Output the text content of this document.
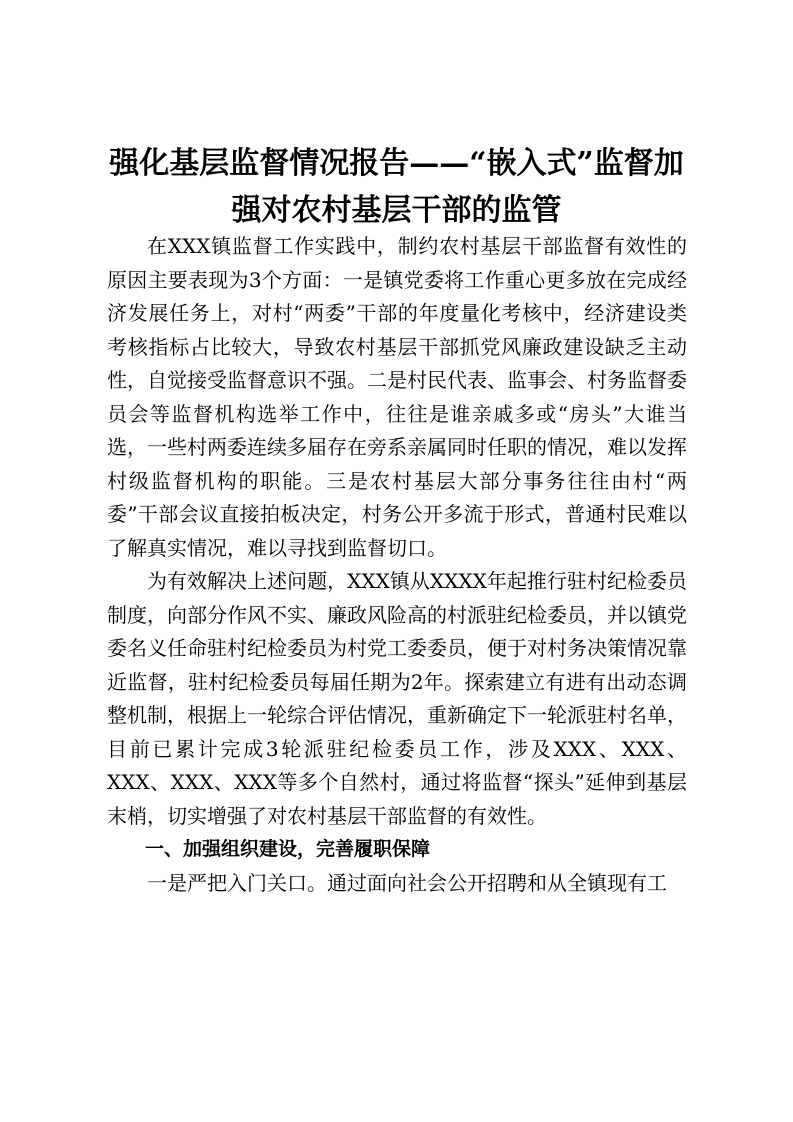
强化基层监督情况报告——“嵌入式”监督加强对农村基层干部的监管

在XXX镇监督工作实践中，制约农村基层干部监督有效性的原因主要表现为3个方面：一是镇党委将工作重心更多放在完成经济发展任务上，对村“两委”干部的年度量化考核中，经济建设类考核指标占比较大，导致农村基层干部抓党风廉政建设缺乏主动性，自觉接受监督意识不强。二是村民代表、监事会、村务监督委员会等监督机构选举工作中，往往是谁亲戚多或“房头”大谁当选，一些村两委连续多届存在旁系亲属同时任职的情况，难以发挥村级监督机构的职能。三是农村基层大部分事务往往由村“两委”干部会议直接拍板决定，村务公开多流于形式，普通村民难以了解真实情况，难以寻找到监督切口。

为有效解决上述问题，XXX镇从XXXX年起推行驻村纪检委员制度，向部分作风不实、廉政风险高的村派驻纪检委员，并以镇党委名义任命驻村纪检委员为村党工委委员，便于对村务决策情况靠近监督，驻村纪检委员每届任期为2年。探索建立有进有出动态调整机制，根据上一轮综合评估情况，重新确定下一轮派驻村名单，目前已累计完成3轮派驻纪检委员工作，涉及XXX、XXX、XXX、XXX、XXX等多个自然村，通过将监督“探头”延伸到基层末梢，切实增强了对农村基层干部监督的有效性。

一、加强组织建设，完善履职保障

一是严把入门关口。通过面向社会公开招聘和从全镇现有工
